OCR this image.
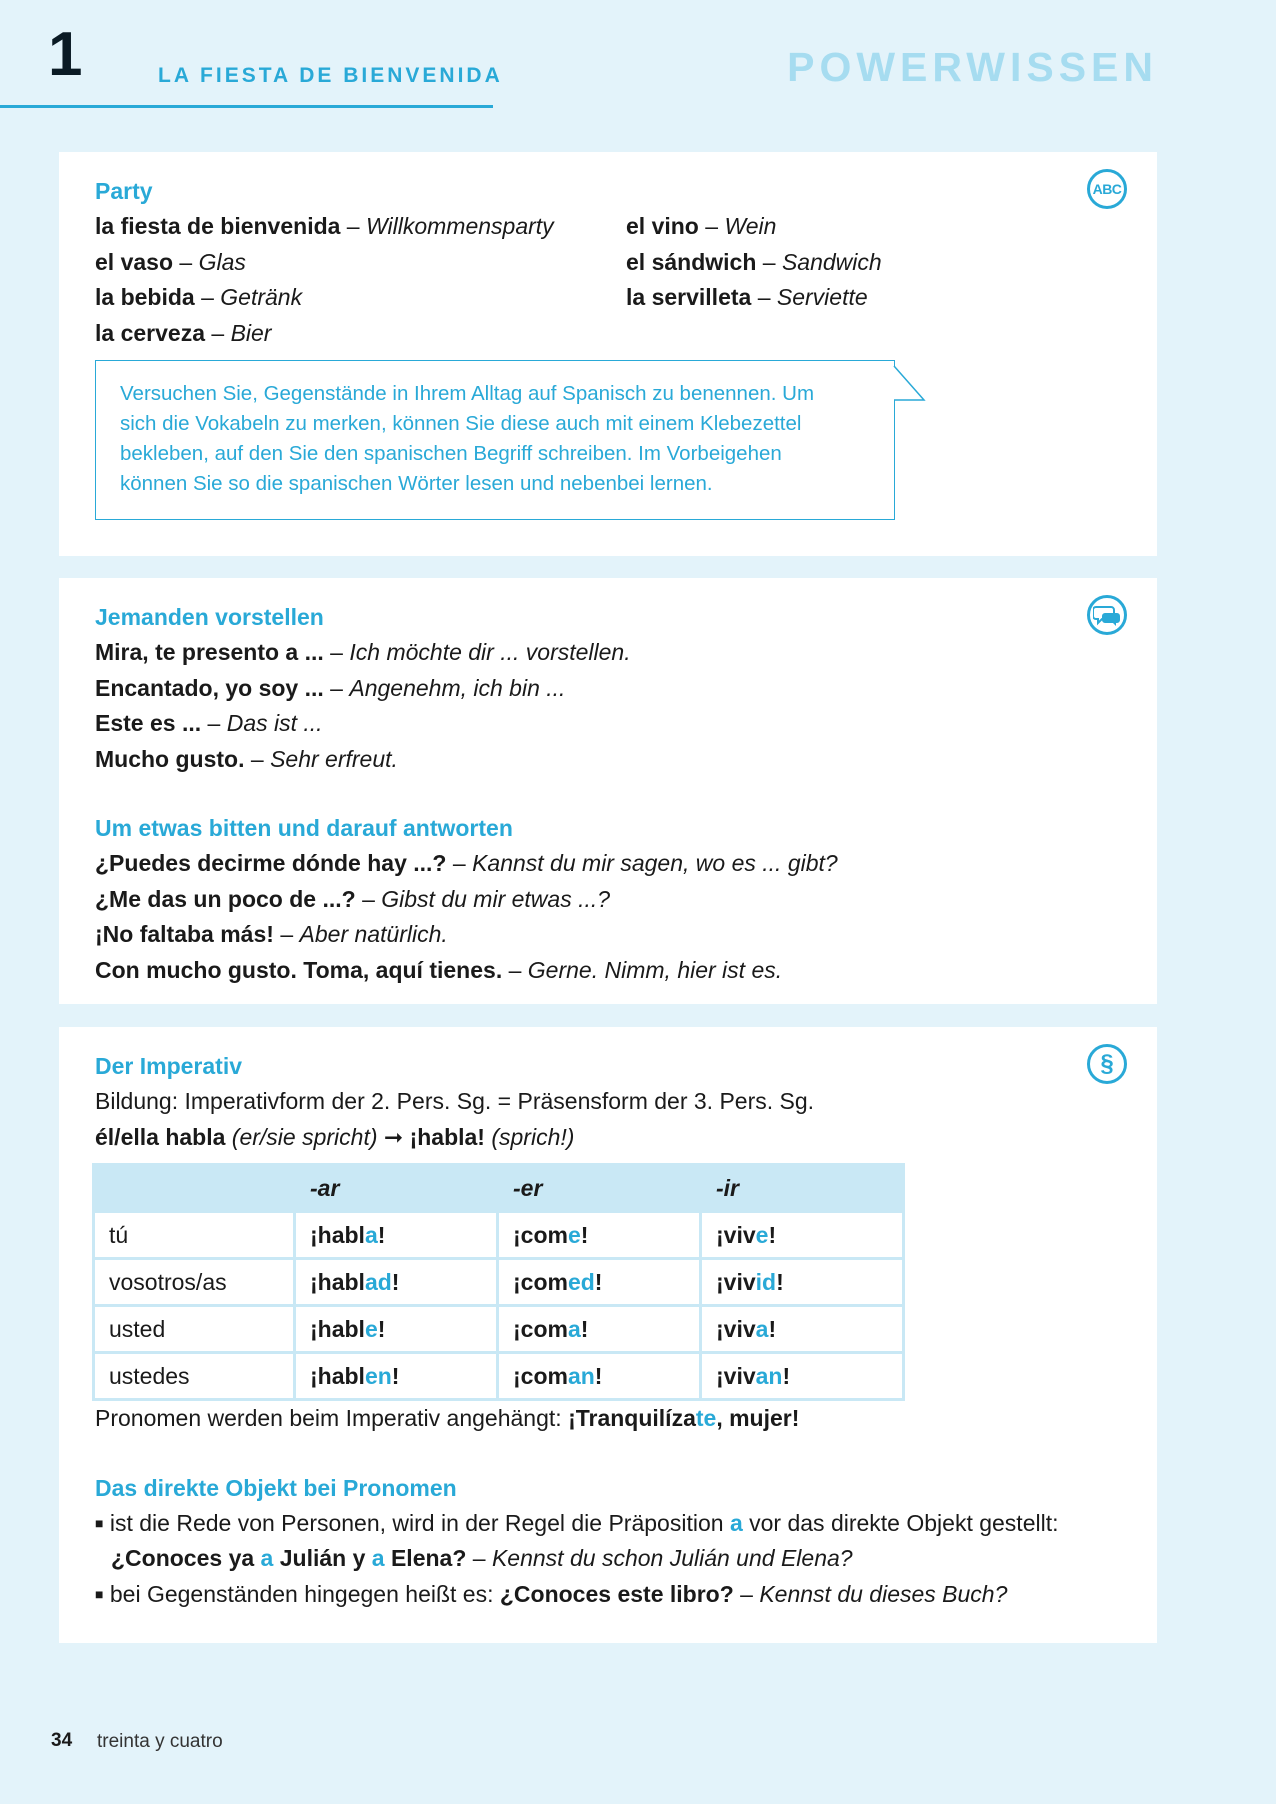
1	LA FIESTA DE BIENVENIDA	POWERWISSEN
ABC
Party
la fiesta de bienvenida – Willkommensparty
el vaso – Glas
la bebida – Getränk
la cerveza – Bier
el vino – Wein
el sándwich – Sandwich
la servilleta – Serviette
Versuchen Sie, Gegenstände in Ihrem Alltag auf Spanisch zu benennen. Um
sich die Vokabeln zu merken, können Sie diese auch mit einem Klebezettel
bekleben, auf den Sie den spanischen Begriff schreiben. Im Vorbeigehen
können Sie so die spanischen Wörter lesen und nebenbei lernen.
Jemanden vorstellen
Mira, te presento a ... – Ich möchte dir ... vorstellen.
Encantado, yo soy ... – Angenehm, ich bin ...
Este es ... – Das ist ...
Mucho gusto. – Sehr erfreut.
Um etwas bitten und darauf antworten
¿Puedes decirme dónde hay ...? – Kannst du mir sagen, wo es ... gibt?
¿Me das un poco de ...? – Gibst du mir etwas ...?
¡No faltaba más! – Aber natürlich.
Con mucho gusto. Toma, aquí tienes. – Gerne. Nimm, hier ist es.
§
Der Imperativ
Bildung: Imperativform der 2. Pers. Sg. = Präsensform der 3. Pers. Sg.
él/ella habla (er/sie spricht) ➞ ¡habla! (sprich!)
	-ar	-er	-ir
tú	¡habla!	¡come!	¡vive!
vosotros/as	¡hablad!	¡comed!	¡vivid!
usted	¡hable!	¡coma!	¡viva!
ustedes	¡hablen!	¡coman!	¡vivan!
Pronomen werden beim Imperativ angehängt: ¡Tranquilízate, mujer!
Das direkte Objekt bei Pronomen
■ ist die Rede von Personen, wird in der Regel die Präposition a vor das direkte Objekt gestellt:
¿Conoces ya a Julián y a Elena? – Kennst du schon Julián und Elena?
■ bei Gegenständen hingegen heißt es: ¿Conoces este libro? – Kennst du dieses Buch?
34 treinta y cuatro
